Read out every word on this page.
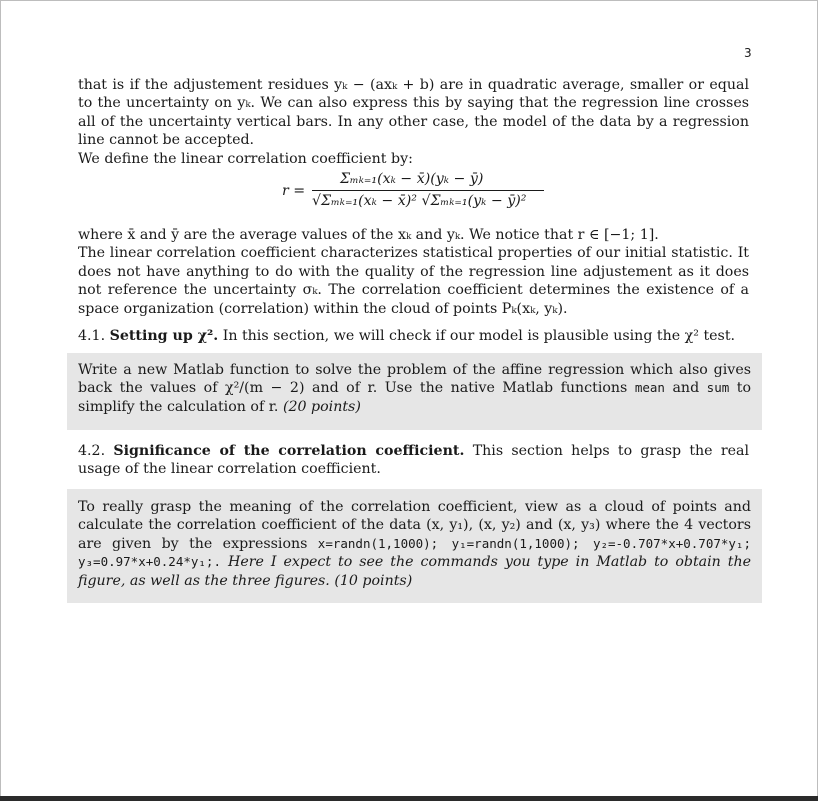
3

that is if the adjustement residues yₖ − (axₖ + b) are in quadratic average, smaller or equal to the uncertainty on yₖ. We can also express this by saying that the regression line crosses all of the uncertainty vertical bars. In any other case, the model of the data by a regression line cannot be accepted.

We define the linear correlation coefficient by:

r =
Σₘₖ₌₁(xₖ − x̄)(yₖ − ȳ)
√Σₘₖ₌₁(xₖ − x̄)² √Σₘₖ₌₁(yₖ − ȳ)²

where x̄ and ȳ are the average values of the xₖ and yₖ. We notice that r ∈ [−1; 1].

The linear correlation coefficient characterizes statistical properties of our initial statistic. It does not have anything to do with the quality of the regression line adjustement as it does not reference the uncertainty σₖ. The correlation coefficient determines the existence of a space organization (correlation) within the cloud of points Pₖ(xₖ, yₖ).

4.1. Setting up χ². In this section, we will check if our model is plausible using the χ² test.

Write a new Matlab function to solve the problem of the affine regression which also gives back the values of χ²/(m − 2) and of r. Use the native Matlab functions mean and sum to simplify the calculation of r. (20 points)

4.2. Significance of the correlation coefficient. This section helps to grasp the real usage of the linear correlation coefficient.

To really grasp the meaning of the correlation coefficient, view as a cloud of points and calculate the correlation coefficient of the data (x, y₁), (x, y₂) and (x, y₃) where the 4 vectors are given by the expressions x=randn(1,1000); y₁=randn(1,1000); y₂=-0.707*x+0.707*y₁; y₃=0.97*x+0.24*y₁;. Here I expect to see the commands you type in Matlab to obtain the figure, as well as the three figures. (10 points)
